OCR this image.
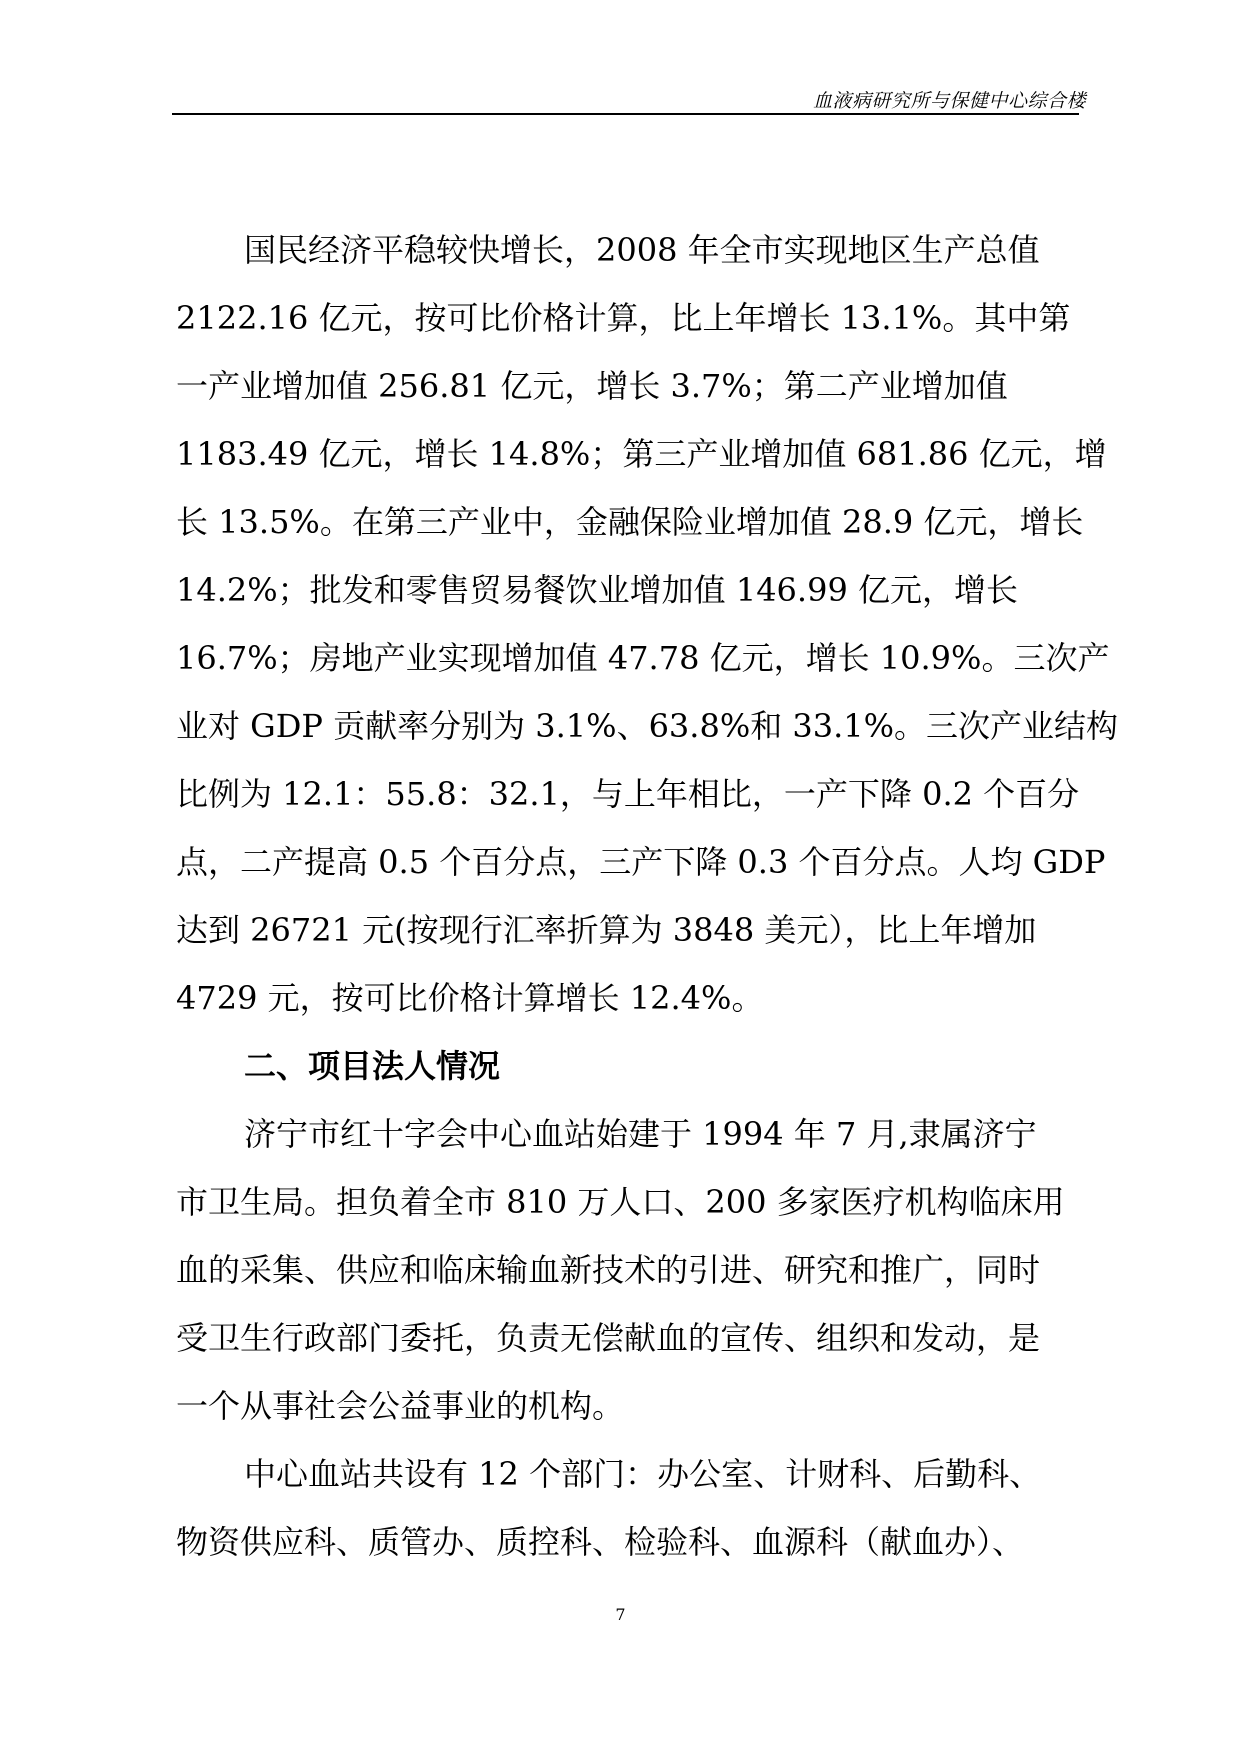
血液病研究所与保健中心综合楼
国民经济平稳较快增长，2008 年全市实现地区生产总值
2122.16 亿元，按可比价格计算，比上年增长 13.1%。其中第
一产业增加值 256.81 亿元，增长 3.7%；第二产业增加值
1183.49 亿元，增长 14.8%；第三产业增加值 681.86 亿元，增
长 13.5%。在第三产业中，金融保险业增加值 28.9 亿元，增长
14.2%；批发和零售贸易餐饮业增加值 146.99 亿元，增长
16.7%；房地产业实现增加值 47.78 亿元，增长 10.9%。三次产
业对 GDP 贡献率分别为 3.1%、63.8%和 33.1%。三次产业结构
比例为 12.1：55.8：32.1，与上年相比，一产下降 0.2 个百分
点，二产提高 0.5 个百分点，三产下降 0.3 个百分点。人均 GDP
达到 26721 元(按现行汇率折算为 3848 美元），比上年增加
4729 元，按可比价格计算增长 12.4%。
二、项目法人情况
济宁市红十字会中心血站始建于 1994 年 7 月,隶属济宁
市卫生局。担负着全市 810 万人口、200 多家医疗机构临床用
血的采集、供应和临床输血新技术的引进、研究和推广，同时
受卫生行政部门委托，负责无偿献血的宣传、组织和发动，是
一个从事社会公益事业的机构。
中心血站共设有 12 个部门：办公室、计财科、后勤科、
物资供应科、质管办、质控科、检验科、血源科（献血办）、
7
